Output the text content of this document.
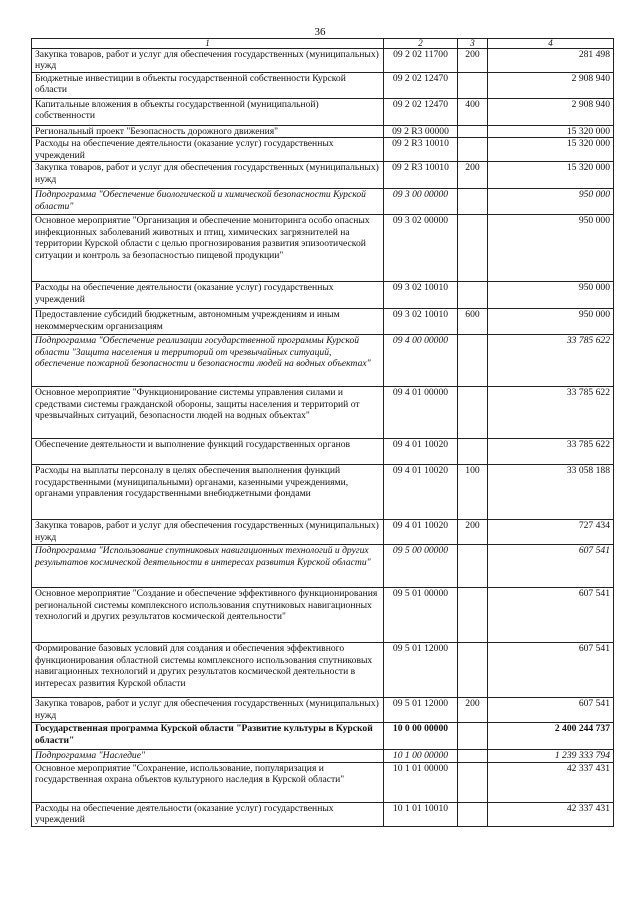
36
1	2	3	4
Закупка товаров, работ и услуг для обеспечения государственных (муниципальных) нужд	09 2 02 11700	200	281 498
Бюджетные инвестиции в объекты государственной собственности Курской области	09 2 02 12470		2 908 940
Капитальные вложения в объекты государственной (муниципальной) собственности	09 2 02 12470	400	2 908 940
Региональный проект "Безопасность дорожного движения"	09 2 R3 00000		15 320 000
Расходы на обеспечение деятельности (оказание услуг) государственных учреждений	09 2 R3 10010		15 320 000
Закупка товаров, работ и услуг для обеспечения государственных (муниципальных) нужд	09 2 R3 10010	200	15 320 000
Подпрограмма "Обеспечение биологической и химической безопасности Курской области"	09 3 00 00000		950 000
Основное мероприятие "Организация и обеспечение мониторинга особо опасных инфекционных заболеваний животных и птиц, химических загрязнителей на территории Курской области с целью прогнозирования развития эпизоотической ситуации и контроль за безопасностью пищевой продукции"	09 3 02 00000		950 000
Расходы на обеспечение деятельности (оказание услуг) государственных учреждений	09 3 02 10010		950 000
Предоставление субсидий бюджетным, автономным учреждениям и иным некоммерческим организациям	09 3 02 10010	600	950 000
Подпрограмма "Обеспечение реализации государственной программы Курской области "Защита населения и территорий от чрезвычайных ситуаций, обеспечение пожарной безопасности и безопасности людей на водных объектах"	09 4 00 00000		33 785 622
Основное мероприятие "Функционирование системы управления силами и средствами системы гражданской обороны, защиты населения и территорий от чрезвычайных ситуаций, безопасности людей на водных объектах"	09 4 01 00000		33 785 622
Обеспечение деятельности и выполнение функций государственных органов	09 4 01 10020		33 785 622
Расходы на выплаты персоналу в целях обеспечения выполнения функций государственными (муниципальными) органами, казенными учреждениями, органами управления государственными внебюджетными фондами	09 4 01 10020	100	33 058 188
Закупка товаров, работ и услуг для обеспечения государственных (муниципальных) нужд	09 4 01 10020	200	727 434
Подпрограмма "Использование спутниковых навигационных технологий и других результатов космической деятельности в интересах развития Курской области"	09 5 00 00000		607 541
Основное мероприятие "Создание и обеспечение эффективного функционирования региональной системы комплексного использования спутниковых навигационных технологий и других результатов космической деятельности"	09 5 01 00000		607 541
Формирование базовых условий для создания и обеспечения эффективного функционирования областной системы комплексного использования спутниковых навигационных технологий и других результатов космической деятельности в интересах развития Курской области	09 5 01 12000		607 541
Закупка товаров, работ и услуг для обеспечения государственных (муниципальных) нужд	09 5 01 12000	200	607 541
Государственная программа Курской области "Развитие культуры в Курской области"	10 0 00 00000		2 400 244 737
Подпрограмма "Наследие"	10 1 00 00000		1 239 333 794
Основное мероприятие "Сохранение, использование, популяризация и государственная охрана объектов культурного наследия в Курской области"	10 1 01 00000		42 337 431
Расходы на обеспечение деятельности (оказание услуг) государственных учреждений	10 1 01 10010		42 337 431
